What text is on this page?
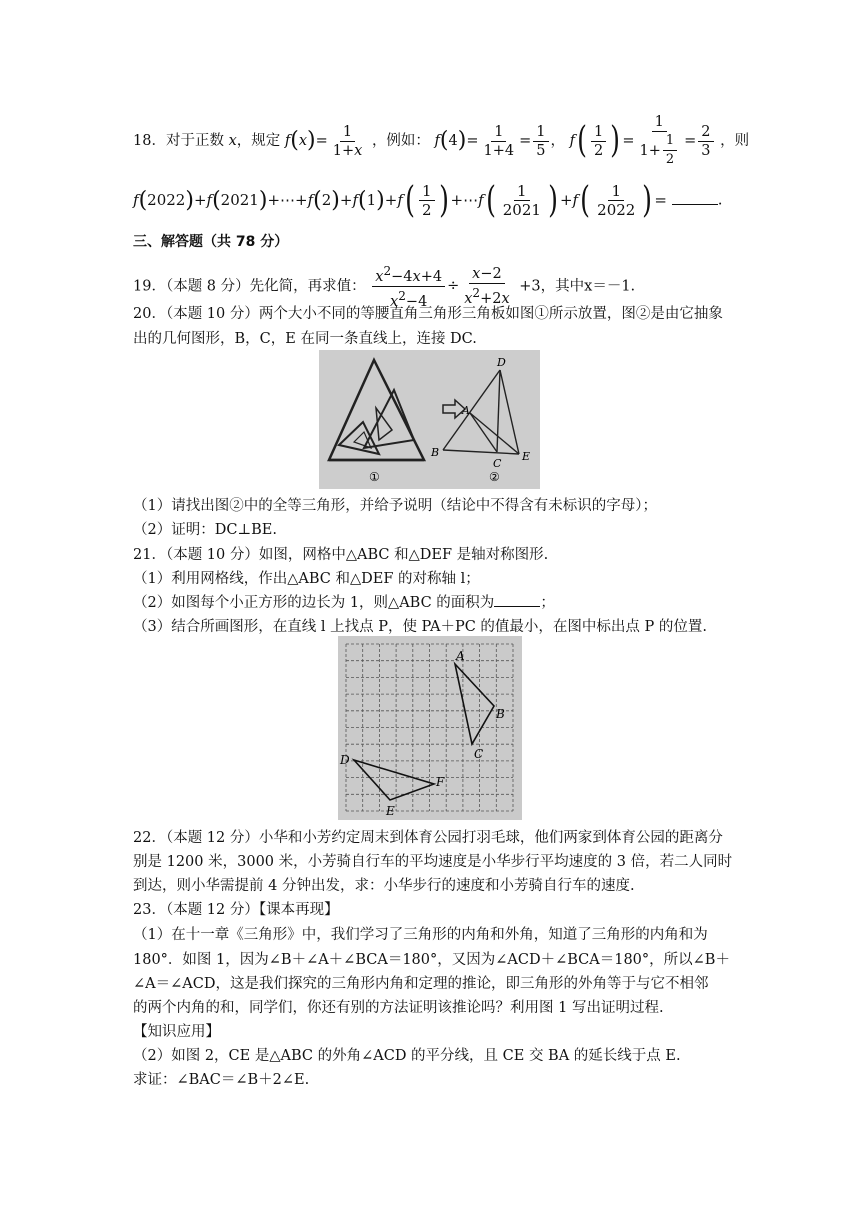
18．对于正数 x，规定 $f(x)= \frac{1}{1+x}$ ，例如： $f(4)= \frac{1}{1+4} = \frac{1}{5}$ ， $f( \frac{1}{2}$ ) = $\frac{1}{1+ \frac{1}{2}} = \frac{2}{3}$ ，则
f(2022)+f(2021)+⋯+f(2)+f(1)+f( $\frac{1}{2}$ ) +⋯f( $\frac{1}{2021}$ ) $+f( \frac{1}{2022}$ ) =	.
三、解答题（共 78 分）
19．（本题 8 分）先化简，再求值： $\frac{x^2-4x+4}{x^2-4} \div \frac{x-2}{x^2+2x} +3$，其中x＝－1.
20．（本题 10 分）两个大小不同的等腰直角三角形三角板如图①所示放置，图②是由它抽象
出的几何图形，B，C，E 在同一条直线上，连接 DC.
D
A
B
C
E
①	②
（1）请找出图②中的全等三角形，并给予说明（结论中不得含有未标识的字母）；
（2）证明：DC⊥BE.
21．（本题 10 分）如图，网格中△ABC 和△DEF 是轴对称图形.
（1）利用网格线，作出△ABC 和△DEF 的对称轴 l；
（2）如图每个小正方形的边长为 1，则△ABC 的面积为	；
（3）结合所画图形，在直线 l 上找点 P，使 PA＋PC 的值最小，在图中标出点 P 的位置.
A
B
C
D
E
F
22．（本题 12 分）小华和小芳约定周末到体育公园打羽毛球，他们两家到体育公园的距离分
别是 1200 米，3000 米，小芳骑自行车的平均速度是小华步行平均速度的 3 倍，若二人同时
到达，则小华需提前 4 分钟出发，求：小华步行的速度和小芳骑自行车的速度.
23．（本题 12 分）【课本再现】
（1）在十一章《三角形》中，我们学习了三角形的内角和外角，知道了三角形的内角和为
180°．如图 1，因为∠B＋∠A＋∠BCA＝180°，又因为∠ACD＋∠BCA＝180°，所以∠B＋
∠A＝∠ACD，这是我们探究的三角形内角和定理的推论，即三角形的外角等于与它不相邻
的两个内角的和，同学们，你还有别的方法证明该推论吗？利用图 1 写出证明过程.
【知识应用】
（2）如图 2，CE 是△ABC 的外角∠ACD 的平分线，且 CE 交 BA 的延长线于点 E.
求证：∠BAC＝∠B＋2∠E.
